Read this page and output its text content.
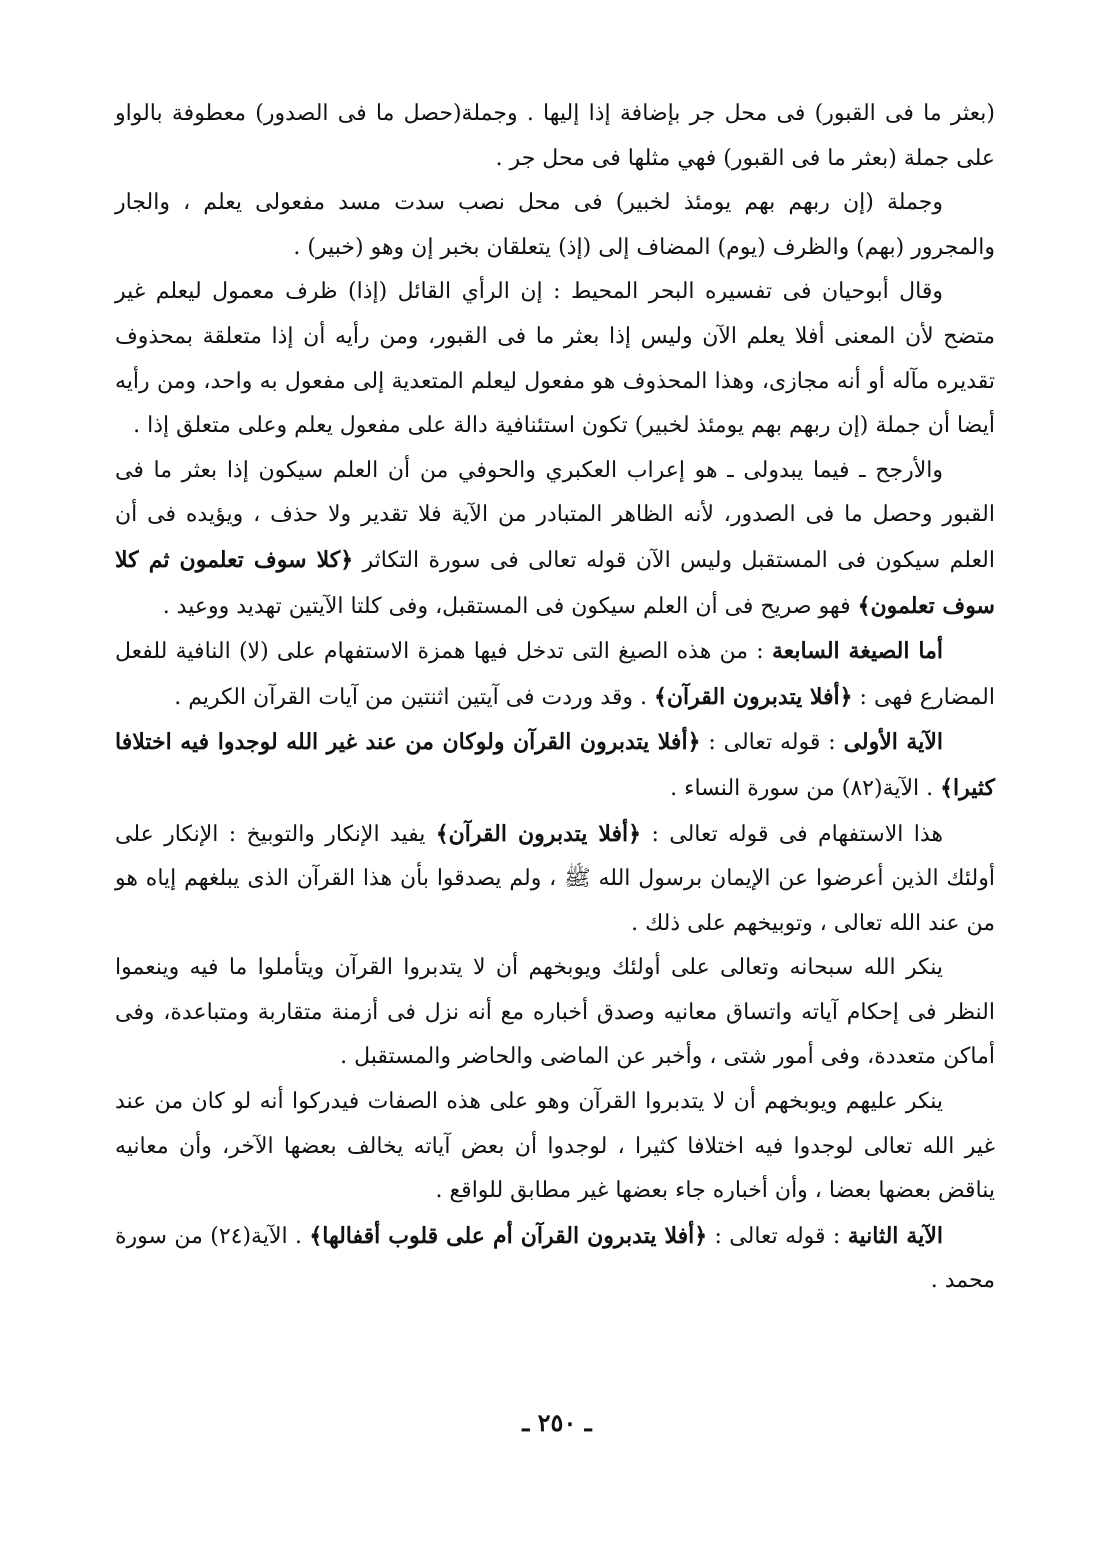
(بعثر ما فى القبور) فى محل جر بإضافة إذا إليها . وجملة(حصل ما فى الصدور) معطوفة بالواو على جملة (بعثر ما فى القبور) فهي مثلها فى محل جر .

وجملة (إن ربهم بهم يومئذ لخبير) فى محل نصب سدت مسد مفعولى يعلم ، والجار والمجرور (بهم) والظرف (يوم) المضاف إلى (إذ) يتعلقان بخبر إن وهو (خبير) .

وقال أبوحيان فى تفسيره البحر المحيط : إن الرأي القائل (إذا) ظرف معمول ليعلم غير متضح لأن المعنى أفلا يعلم الآن وليس إذا بعثر ما فى القبور، ومن رأيه أن إذا متعلقة بمحذوف تقديره مآله أو أنه مجازى، وهذا المحذوف هو مفعول ليعلم المتعدية إلى مفعول به واحد، ومن رأيه أيضا أن جملة (إن ربهم بهم يومئذ لخبير) تكون استئنافية دالة على مفعول يعلم وعلى متعلق إذا .

والأرجح ـ فيما يبدولى ـ هو إعراب العكبري والحوفي من أن العلم سيكون إذا بعثر ما فى القبور وحصل ما فى الصدور، لأنه الظاهر المتبادر من الآية فلا تقدير ولا حذف ، ويؤيده فى أن العلم سيكون فى المستقبل وليس الآن قوله تعالى فى سورة التكاثر ﴿كلا سوف تعلمون ثم كلا سوف تعلمون﴾ فهو صريح فى أن العلم سيكون فى المستقبل، وفى كلتا الآيتين تهديد ووعيد .

أما الصيغة السابعة : من هذه الصيغ التى تدخل فيها همزة الاستفهام على (لا) النافية للفعل المضارع فهى : ﴿أفلا يتدبرون القرآن﴾ . وقد وردت فى آيتين اثنتين من آيات القرآن الكريم .

الآية الأولى : قوله تعالى : ﴿أفلا يتدبرون القرآن ولوكان من عند غير الله لوجدوا فيه اختلافا كثيرا﴾ . الآية(٨٢) من سورة النساء .

هذا الاستفهام فى قوله تعالى : ﴿أفلا يتدبرون القرآن﴾ يفيد الإنكار والتوبيخ : الإنكار على أولئك الذين أعرضوا عن الإيمان برسول الله ﷺ ، ولم يصدقوا بأن هذا القرآن الذى يبلغهم إياه هو من عند الله تعالى ، وتوبيخهم على ذلك .

ينكر الله سبحانه وتعالى على أولئك ويوبخهم أن لا يتدبروا القرآن ويتأملوا ما فيه وينعموا النظر فى إحكام آياته واتساق معانيه وصدق أخباره مع أنه نزل فى أزمنة متقاربة ومتباعدة، وفى أماكن متعددة، وفى أمور شتى ، وأخبر عن الماضى والحاضر والمستقبل .

ينكر عليهم ويوبخهم أن لا يتدبروا القرآن وهو على هذه الصفات فيدركوا أنه لو كان من عند غير الله تعالى لوجدوا فيه اختلافا كثيرا ، لوجدوا أن بعض آياته يخالف بعضها الآخر، وأن معانيه يناقض بعضها بعضا ، وأن أخباره جاء بعضها غير مطابق للواقع .

الآية الثانية : قوله تعالى : ﴿أفلا يتدبرون القرآن أم على قلوب أقفالها﴾ . الآية(٢٤) من سورة محمد .

ـ ٢٥٠ ـ
